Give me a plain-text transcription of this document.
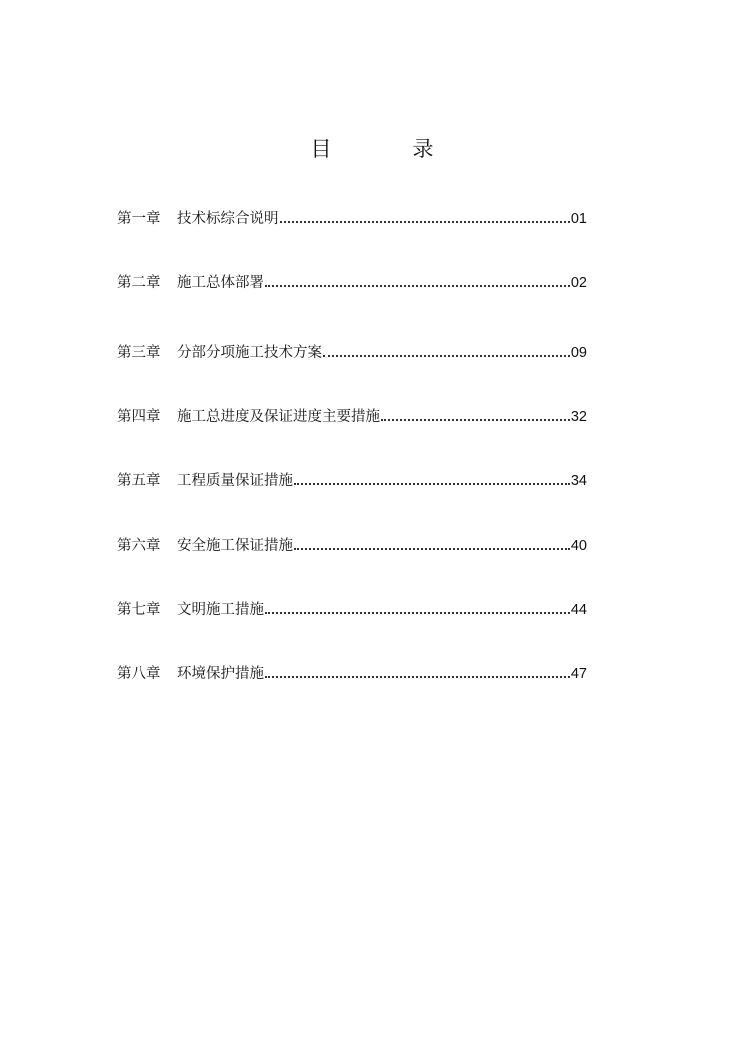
目　录
第一章	技术标综合说明	01
第二章	施工总体部署	02
第三章	分部分项施工技术方案	09
第四章	施工总进度及保证进度主要措施	32
第五章	工程质量保证措施	34
第六章	安全施工保证措施	40
第七章	文明施工措施	44
第八章	环境保护措施	47
